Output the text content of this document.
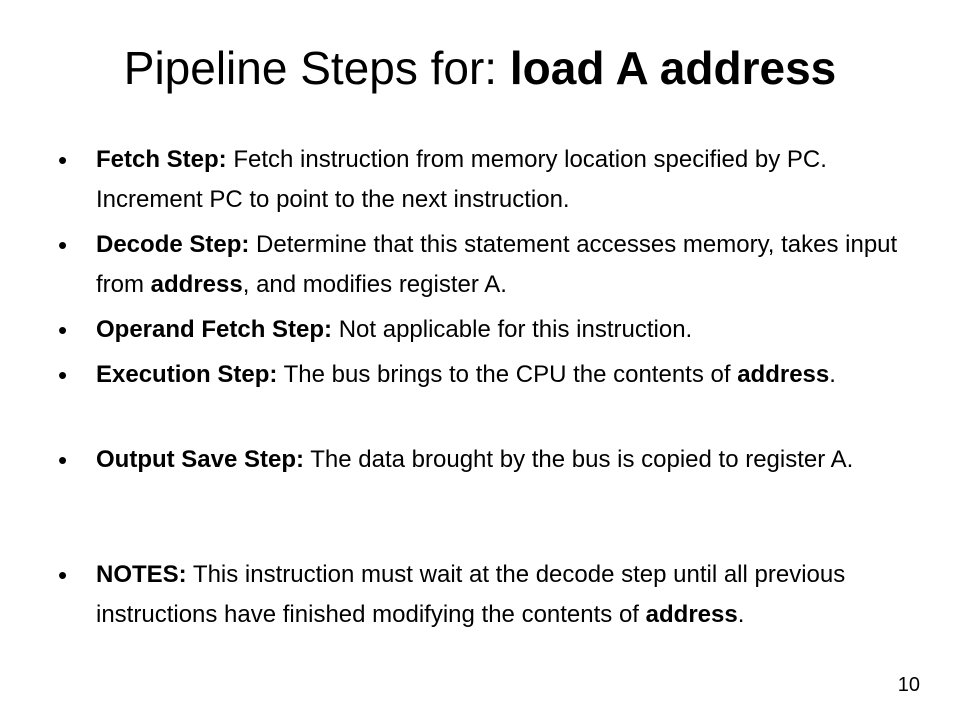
Pipeline Steps for: load A address
•	Fetch Step: Fetch instruction from memory location specified by PC. Increment PC to point to the next instruction.
•	Decode Step: Determine that this statement accesses memory, takes input from address, and modifies register A.
•	Operand Fetch Step: Not applicable for this instruction.
•	Execution Step: The bus brings to the CPU the contents of address.
•	Output Save Step: The data brought by the bus is copied to register A.
•	NOTES: This instruction must wait at the decode step until all previous instructions have finished modifying the contents of address.
10
